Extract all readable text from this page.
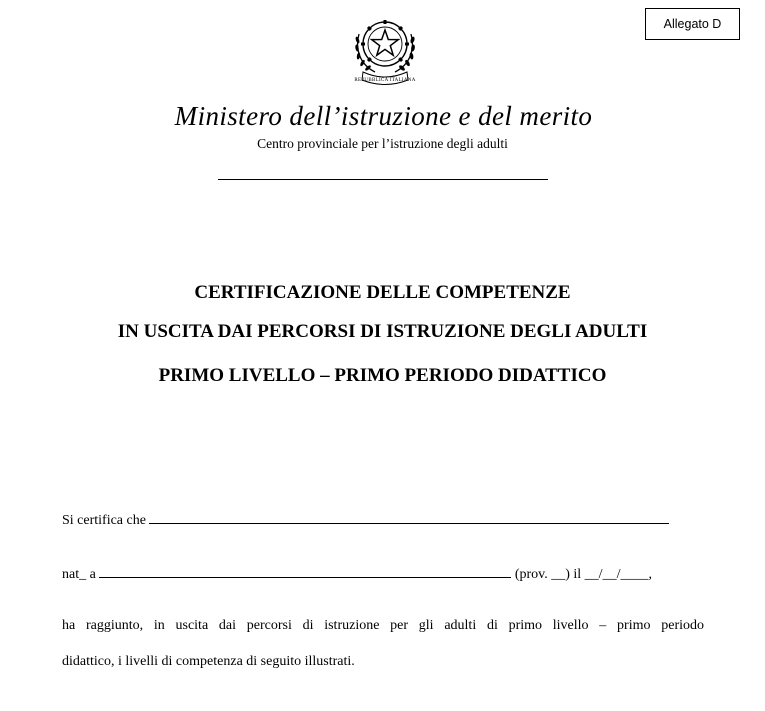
Allegato D
REPUBBLICA ITALIANA
Ministero dell’istruzione e del merito
Centro provinciale per l’istruzione degli adulti
CERTIFICAZIONE DELLE COMPETENZE
IN USCITA DAI PERCORSI DI ISTRUZIONE DEGLI ADULTI
PRIMO LIVELLO – PRIMO PERIODO DIDATTICO
Si certifica che
nat_ a	(prov. __) il __/__/____,
ha raggiunto, in uscita dai percorsi di istruzione per gli adulti di primo livello – primo periodo
didattico, i livelli di competenza di seguito illustrati.
